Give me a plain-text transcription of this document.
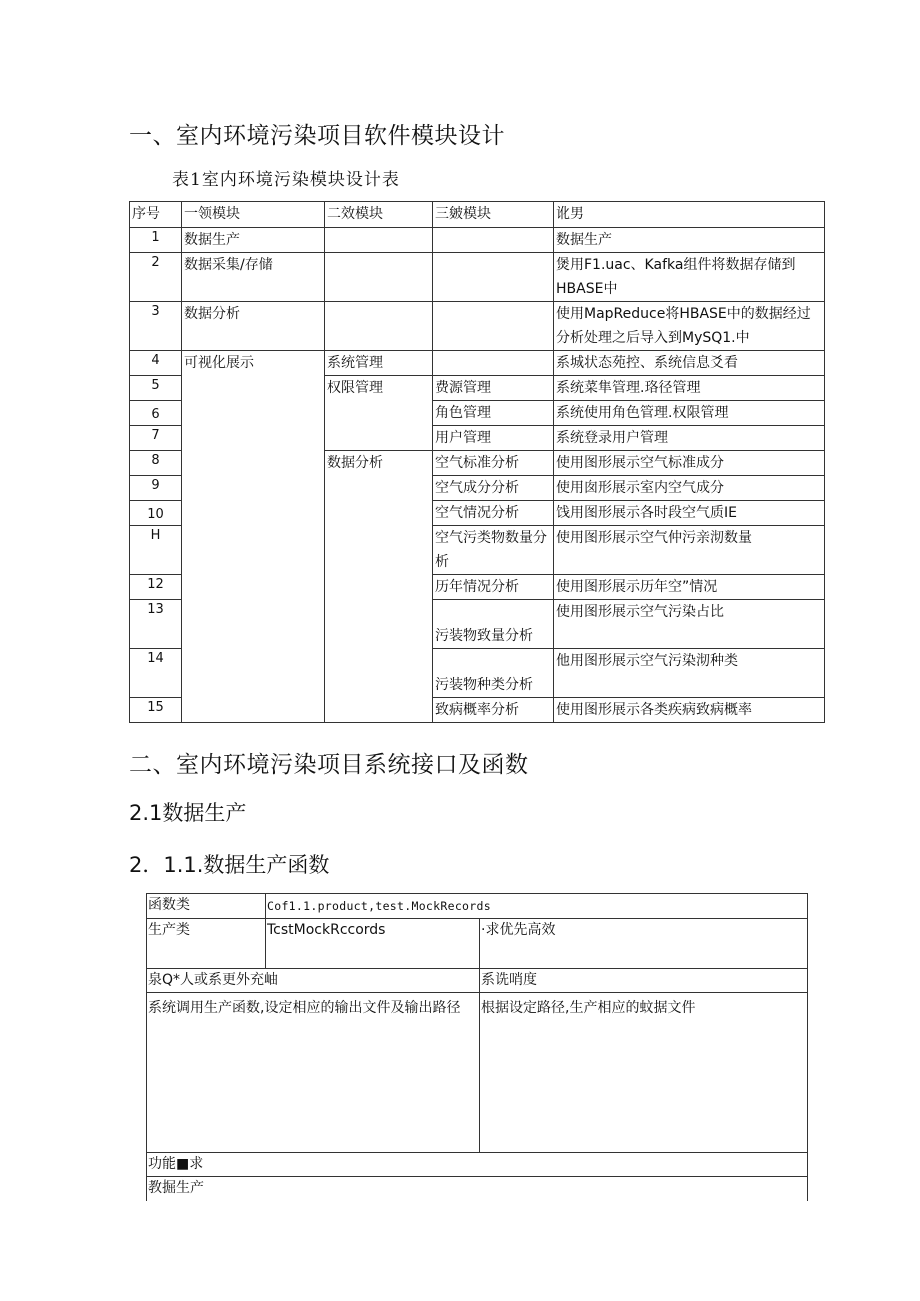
一、室内环境污染项目软件模块设计
表1室内环境污染模块设计表
序号	一领模块	二效模块	三皴模块	讹男
1	数据生产			数据生产
2	数据采集/存储			煲用F1.uac、Kafka组件将数据存储到HBASE中
3	数据分析			使用MapReduce将HBASE中的数据经过分析处理之后导入到MySQ1.中
4	可视化展示	系统管理		系城状态苑控、系统信息爻看
5		权限管理	费源管理	系统菜隼管理.珞径管理
6			角色管理	系统使用角色管理.权限管理
7			用户管理	系统登录用户管理
8		数据分析	空气标准分析	使用图形展示空气标准成分
9			空气成分分析	使用囱形展示室内空气成分
10			空气情况分析	饯用图形展示各时段空气质IE
H			空气污类物数量分析	使用图形展示空气仲污亲沏数量
12			历年情况分析	使用图形展示历年空”情况
13			污装物致量分析	使用图形展示空气污染占比
14			污装物种类分析	他用图形展示空气污染沏种类
15			致病概率分析	使用图形展示各类疾病致病概率
二、室内环境污染项目系统接口及函数
2.1数据生产
2．1.1.数据生产函数
函数类	Cof1.1.product,test.MockRecords	
生产类	TcstMockRccords	·求优先高效
泉Q*人或系更外充岫		系诜哨度
系统调用生产函数,设定相应的输出文件及输出路径		根据设定路径,生产相应的蚊据文件
功能■求		
教掘生产		
